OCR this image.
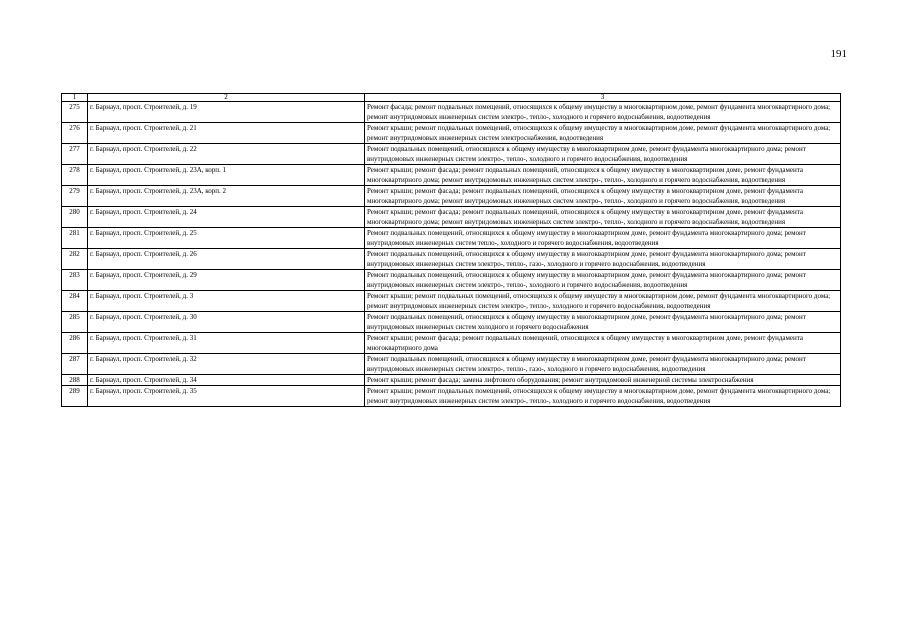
191
1	2	3
275	г. Барнаул, просп. Строителей, д. 19	Ремонт фасада; ремонт подвальных помещений, относящихся к общему имуществу в многоквартирном доме, ремонт фундамента многоквартирного дома; ремонт внутридомовых инженерных систем электро-, тепло-, холодного и горячего водоснабжения, водоотведения
276	г. Барнаул, просп. Строителей, д. 21	Ремонт крыши; ремонт подвальных помещений, относящихся к общему имуществу в многоквартирном доме, ремонт фундамента многоквартирного дома; ремонт внутридомовых инженерных систем электроснабжения, водоотведения
277	г. Барнаул, просп. Строителей, д. 22	Ремонт подвальных помещений, относящихся к общему имуществу в многоквартирном доме, ремонт фундамента многоквартирного дома; ремонт внутридомовых инженерных систем электро-, тепло-, холодного и горячего водоснабжения, водоотведения
278	г. Барнаул, просп. Строителей, д. 23А, корп. 1	Ремонт крыши; ремонт фасада; ремонт подвальных помещений, относящихся к общему имуществу в многоквартирном доме, ремонт фундамента многоквартирного дома; ремонт внутридомовых инженерных систем электро-, тепло-, холодного и горячего водоснабжения, водоотведения
279	г. Барнаул, просп. Строителей, д. 23А, корп. 2	Ремонт крыши; ремонт фасада; ремонт подвальных помещений, относящихся к общему имуществу в многоквартирном доме, ремонт фундамента многоквартирного дома; ремонт внутридомовых инженерных систем электро-, тепло-, холодного и горячего водоснабжения, водоотведения
280	г. Барнаул, просп. Строителей, д. 24	Ремонт крыши; ремонт фасада; ремонт подвальных помещений, относящихся к общему имуществу в многоквартирном доме, ремонт фундамента многоквартирного дома; ремонт внутридомовых инженерных систем электро-, тепло-, холодного и горячего водоснабжения, водоотведения
281	г. Барнаул, просп. Строителей, д. 25	Ремонт подвальных помещений, относящихся к общему имуществу в многоквартирном доме, ремонт фундамента многоквартирного дома; ремонт внутридомовых инженерных систем тепло-, холодного и горячего водоснабжения, водоотведения
282	г. Барнаул, просп. Строителей, д. 26	Ремонт подвальных помещений, относящихся к общему имуществу в многоквартирном доме, ремонт фундамента многоквартирного дома; ремонт внутридомовых инженерных систем электро-, тепло-, газо-, холодного и горячего водоснабжения, водоотведения
283	г. Барнаул, просп. Строителей, д. 29	Ремонт подвальных помещений, относящихся к общему имуществу в многоквартирном доме, ремонт фундамента многоквартирного дома; ремонт внутридомовых инженерных систем электро-, тепло-, холодного и горячего водоснабжения, водоотведения
284	г. Барнаул, просп. Строителей, д. 3	Ремонт крыши; ремонт подвальных помещений, относящихся к общему имуществу в многоквартирном доме, ремонт фундамента многоквартирного дома; ремонт внутридомовых инженерных систем электро-, тепло-, холодного и горячего водоснабжения, водоотведения
285	г. Барнаул, просп. Строителей, д. 30	Ремонт подвальных помещений, относящихся к общему имуществу в многоквартирном доме, ремонт фундамента многоквартирного дома; ремонт внутридомовых инженерных систем холодного и горячего водоснабжения
286	г. Барнаул, просп. Строителей, д. 31	Ремонт крыши; ремонт фасада; ремонт подвальных помещений, относящихся к общему имуществу в многоквартирном доме, ремонт фундамента многоквартирного дома
287	г. Барнаул, просп. Строителей, д. 32	Ремонт подвальных помещений, относящихся к общему имуществу в многоквартирном доме, ремонт фундамента многоквартирного дома; ремонт внутридомовых инженерных систем электро-, тепло-, газо-, холодного и горячего водоснабжения, водоотведения
288	г. Барнаул, просп. Строителей, д. 34	Ремонт крыши; ремонт фасада; замена лифтового оборудования; ремонт внутридомовой инженерной системы электроснабжения
289	г. Барнаул, просп. Строителей, д. 35	Ремонт крыши; ремонт подвальных помещений, относящихся к общему имуществу в многоквартирном доме, ремонт фундамента многоквартирного дома; ремонт внутридомовых инженерных систем электро-, тепло-, холодного и горячего водоснабжения, водоотведения
